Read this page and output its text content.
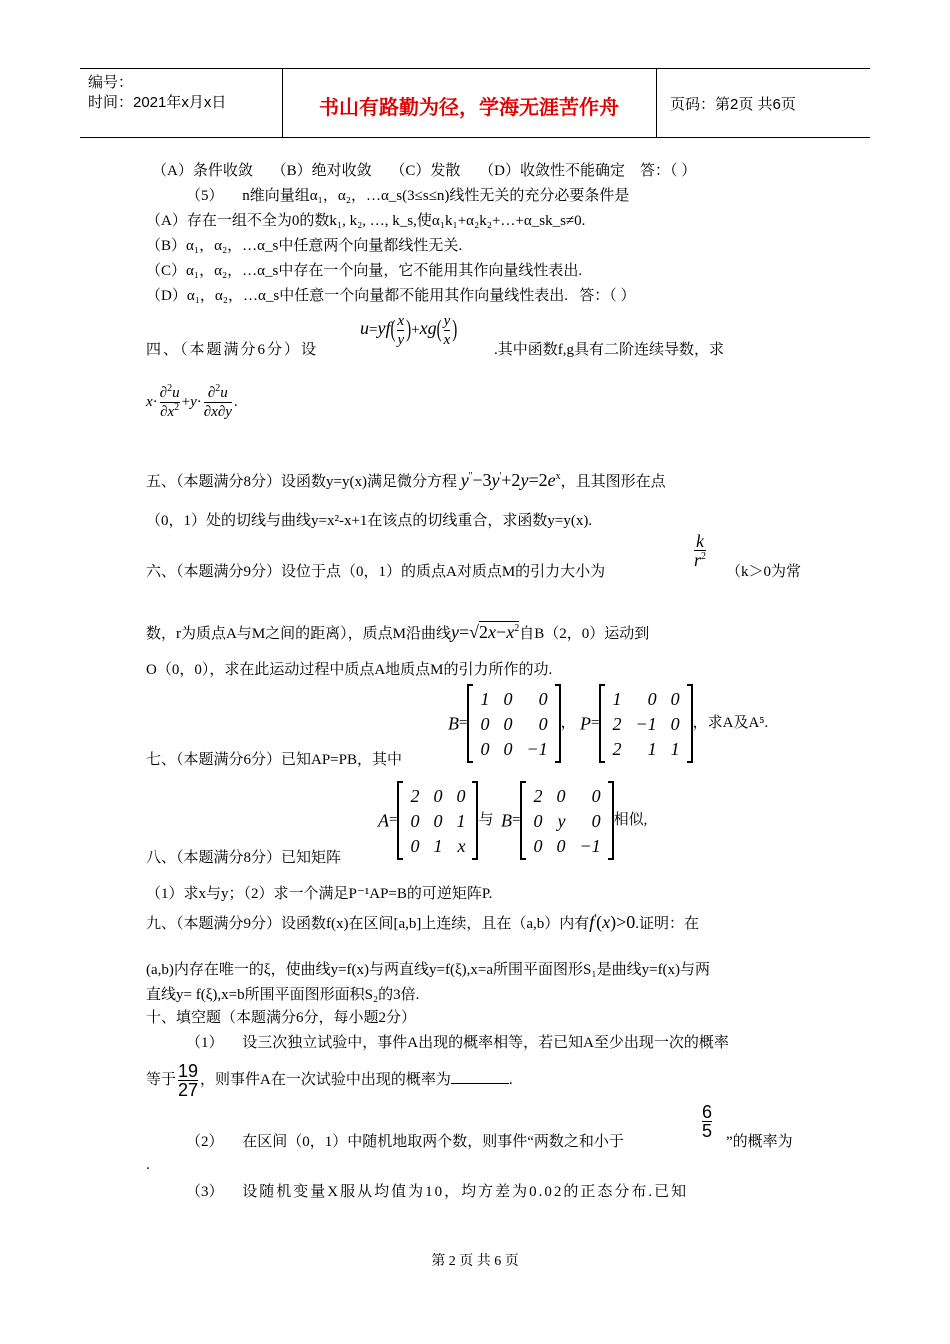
编号：
时间：2021年x月x日	书山有路勤为径，学海无涯苦作舟	页码：第2页 共6页
（A）条件收敛 （B）绝对收敛 （C）发散 （D）收敛性不能确定 答：（ ）
（5） n维向量组α₁，α₂，…α_s(3≤s≤n)线性无关的充分必要条件是
（A）存在一组不全为0的数k₁, k₂, …, k_s,使α₁k₁+α₂k₂+…+α_sk_s≠0.
（B）α₁，α₂，…α_s中任意两个向量都线性无关.
（C）α₁，α₂，…α_s中存在一个向量，它不能用其作向量线性表出.
（D）α₁，α₂，…α_s中任意一个向量都不能用其作向量线性表出. 答：（ ）
四、（本题满分6分）设
$u=yf( \frac{x}{y} )+xg( \frac{y}{x}$ )
.其中函数f,g具有二阶连续导数，求
$x\cdot \frac{\partial^2u}{\partial x^2} +y\cdot \frac{\partial^2u}{\partial x\partial y}$ .
五、（本题满分8分）设函数y=y(x)满足微分方程 $y''-3y'+2y=2e^x$，且其图形在点
（0，1）处的切线与曲线y=x²-x+1在该点的切线重合，求函数y=y(x).
六、（本题满分9分）设位于点（0，1）的质点A对质点M的引力大小为
$\frac{k}{r^2}$
（k＞0为常
数，r为质点A与M之间的距离），质点M沿曲线$y=√2x-x^2$自B（2，0）运动到
O（0，0），求在此运动过程中质点A地质点M的引力所作的功.
七、（本题满分6分）已知AP=PB，其中
B=
1	0	0
0	0	0
0	0	−1
， P=
1	0	0
2	−1	0
2	1	1
，求A及A⁵.
八、（本题满分8分）已知矩阵
A=
2	0	0
0	0	1
0	1	x
与 B=
2	0	0
0	y	0
0	0	−1
相似,
（1）求x与y；（2）求一个满足P⁻¹AP=B的可逆矩阵P.
九、（本题满分9分）设函数f(x)在区间[a,b]上连续，且在（a,b）内有f'(x)>0.证明：在
(a,b)内存在唯一的ξ，使曲线y=f(x)与两直线y=f(ξ),x=a所围平面图形S₁是曲线y=f(x)与两
直线y= f(ξ),x=b所围平面图形面积S₂的3倍.
十、填空题（本题满分6分，每小题2分）
（1） 设三次独立试验中，事件A出现的概率相等，若已知A至少出现一次的概率
等于 $\frac{19}{27}$ ，则事件A在一次试验中出现的概率为	.
（2） 在区间（0，1）中随机地取两个数，则事件“两数之和小于
$\frac{6}{5}$
”的概率为
.
（3） 设随机变量X服从均值为10，均方差为0.02的正态分布.已知
第 2 页 共 6 页
